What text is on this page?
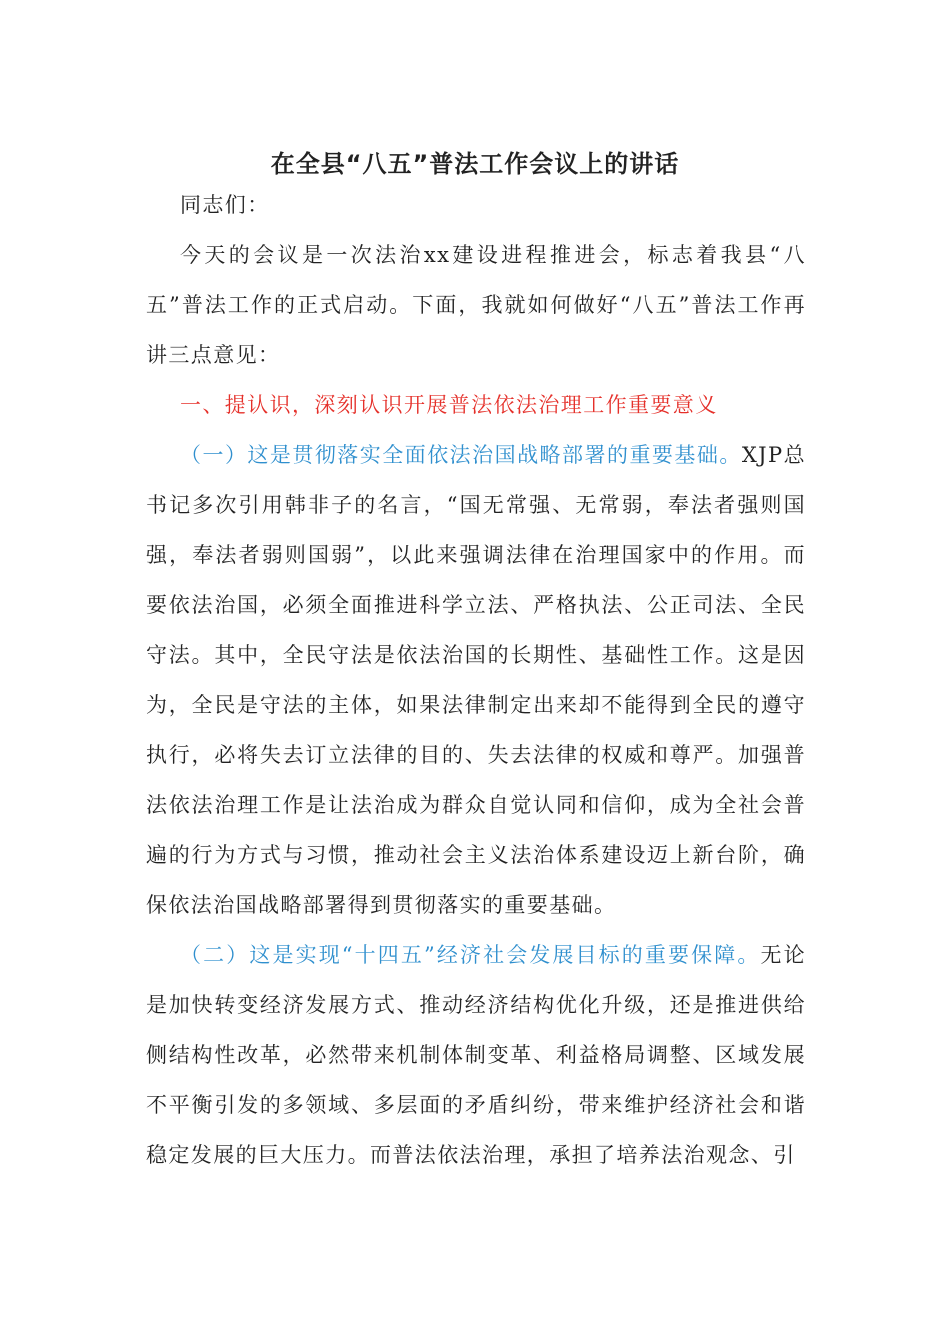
在全县“八五”普法工作会议上的讲话

同志们：

今天的会议是一次法治xx建设进程推进会，标志着我县“八五”普法工作的正式启动。下面，我就如何做好“八五”普法工作再讲三点意见：

一、提认识，深刻认识开展普法依法治理工作重要意义

（一）这是贯彻落实全面依法治国战略部署的重要基础。XJP总书记多次引用韩非子的名言，“国无常强、无常弱，奉法者强则国强，奉法者弱则国弱”，以此来强调法律在治理国家中的作用。而要依法治国，必须全面推进科学立法、严格执法、公正司法、全民守法。其中，全民守法是依法治国的长期性、基础性工作。这是因为，全民是守法的主体，如果法律制定出来却不能得到全民的遵守执行，必将失去订立法律的目的、失去法律的权威和尊严。加强普法依法治理工作是让法治成为群众自觉认同和信仰，成为全社会普遍的行为方式与习惯，推动社会主义法治体系建设迈上新台阶，确保依法治国战略部署得到贯彻落实的重要基础。

（二）这是实现“十四五”经济社会发展目标的重要保障。无论是加快转变经济发展方式、推动经济结构优化升级，还是推进供给侧结构性改革，必然带来机制体制变革、利益格局调整、区域发展不平衡引发的多领域、多层面的矛盾纠纷，带来维护经济社会和谐稳定发展的巨大压力。而普法依法治理，承担了培养法治观念、引
